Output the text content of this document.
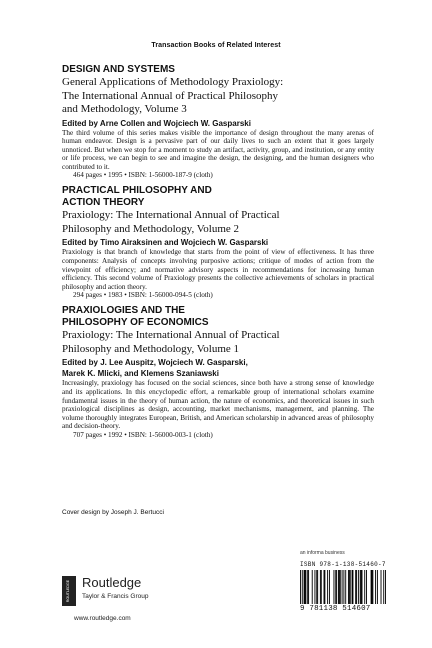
Transaction Books of Related Interest
DESIGN AND SYSTEMS
General Applications of Methodology Praxiology:
The International Annual of Practical Philosophy
and Methodology, Volume 3
Edited by Arne Collen and Wojciech W. Gasparski
The third volume of this series makes visible the importance of design throughout the many arenas of human endeavor. Design is a pervasive part of our daily lives to such an extent that it goes largely unnoticed. But when we stop for a moment to study an artifact, activity, group, and institution, or any entity or life process, we can begin to see and imagine the design, the designing, and the human designers who contributed to it.
464 pages • 1995 • ISBN: 1-56000-187-9 (cloth)
PRACTICAL PHILOSOPHY AND
ACTION THEORY
Praxiology: The International Annual of Practical
Philosophy and Methodology, Volume 2
Edited by Timo Airaksinen and Wojciech W. Gasparski
Praxiology is that branch of knowledge that starts from the point of view of effectiveness. It has three components: Analysis of concepts involving purposive actions; critique of modes of action from the viewpoint of efficiency; and normative advisory aspects in recommendations for increasing human efficiency. This second volume of Praxiology presents the collective achievements of scholars in practical philosophy and action theory.
294 pages • 1983 • ISBN: 1-56000-094-5 (cloth)
PRAXIOLOGIES AND THE
PHILOSOPHY OF ECONOMICS
Praxiology: The International Annual of Practical
Philosophy and Methodology, Volume 1
Edited by J. Lee Auspitz, Wojciech W. Gasparski,
Marek K. Mlicki, and Klemens Szaniawski
Increasingly, praxiology has focused on the social sciences, since both have a strong sense of knowledge and its applications. In this encyclopedic effort, a remarkable group of international scholars examine fundamental issues in the theory of human action, the nature of economics, and theoretical issues in such praxiological disciplines as design, accounting, market mechanisms, management, and planning. The volume thoroughly integrates European, British, and American scholarship in advanced areas of philosophy and decision-theory.
707 pages • 1992 • ISBN: 1-56000-003-1 (cloth)
Cover design by Joseph J. Bertucci
an informa business
ISBN 978-1-138-51460-7
9 781138 514607
ROUTLEDGE Routledge
Taylor & Francis Group
www.routledge.com
